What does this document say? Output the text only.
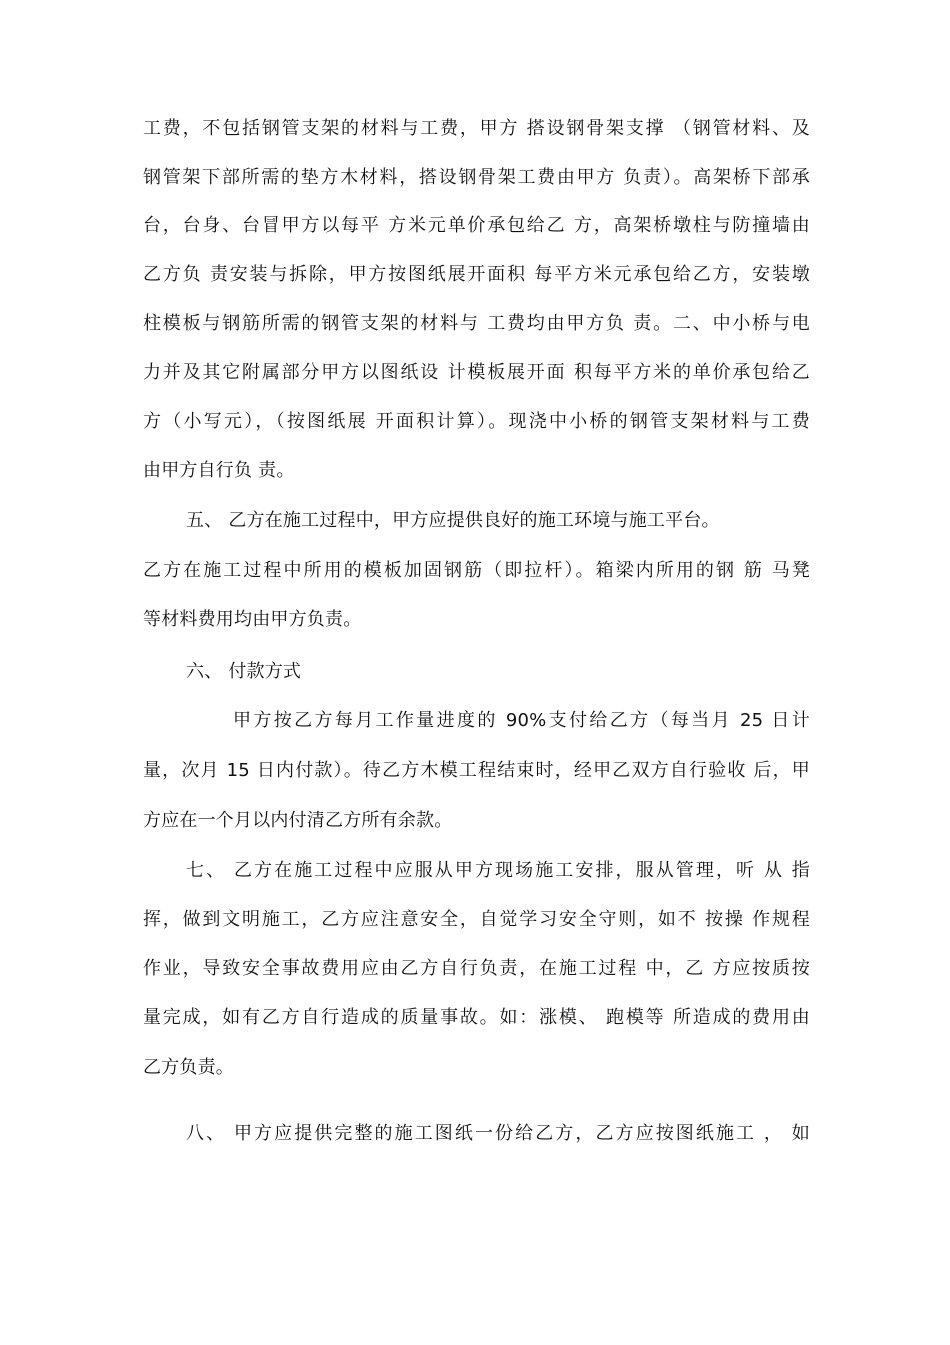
工费，不包括钢管支架的材料与工费，甲方 搭设钢骨架支撑 （钢管材料、及
钢管架下部所需的垫方木材料，搭设钢骨架工费由甲方 负责）。高架桥下部承
台，台身、台冒甲方以每平 方米元单价承包给乙 方，高架桥墩柱与防撞墙由
乙方负 责安装与拆除，甲方按图纸展开面积 每平方米元承包给乙方，安装墩
柱模板与钢筋所需的钢管支架的材料与 工费均由甲方负 责。二、中小桥与电
力并及其它附属部分甲方以图纸设 计模板展开面 积每平方米的单价承包给乙
方（小写元），（按图纸展 开面积计算）。现浇中小桥的钢管支架材料与工费
由甲方自行负 责。
五、 乙方在施工过程中，甲方应提供良好的施工环境与施工平台。
乙方在施工过程中所用的模板加固钢筋（即拉杆）。箱梁内所用的钢 筋 马凳
等材料费用均由甲方负责。
六、 付款方式
甲方按乙方每月工作量进度的 90%支付给乙方（每当月 25 日计
量，次月 15 日内付款）。待乙方木模工程结束时，经甲乙双方自行验收 后，甲
方应在一个月以内付清乙方所有余款。
七、 乙方在施工过程中应服从甲方现场施工安排，服从管理，听 从 指
挥，做到文明施工，乙方应注意安全，自觉学习安全守则，如不 按操 作规程
作业，导致安全事故费用应由乙方自行负责，在施工过程 中，乙 方应按质按
量完成，如有乙方自行造成的质量事故。如：涨模、 跑模等 所造成的费用由
乙方负责。
八、 甲方应提供完整的施工图纸一份给乙方，乙方应按图纸施工 ， 如
